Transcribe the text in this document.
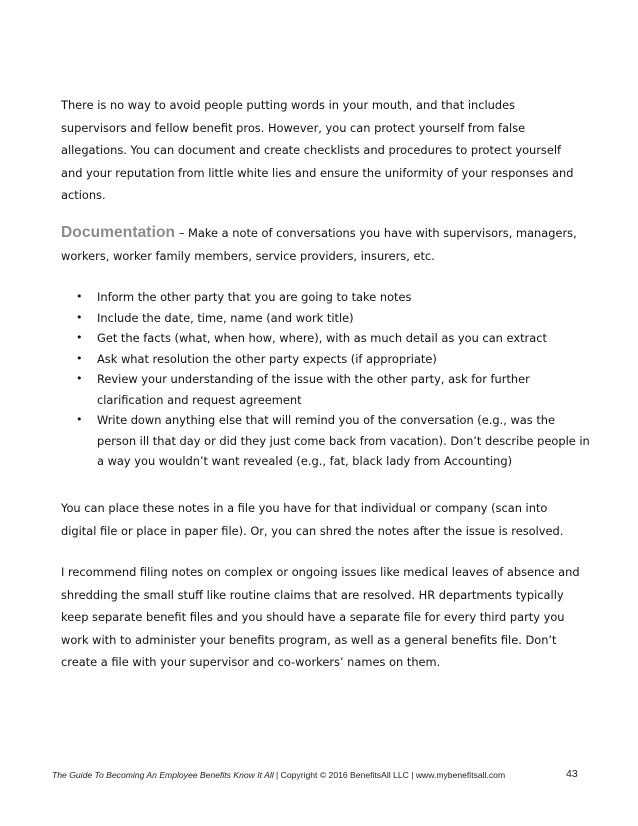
There is no way to avoid people putting words in your mouth, and that includes supervisors and fellow benefit pros. However, you can protect yourself from false allegations. You can document and create checklists and procedures to protect yourself and your reputation from little white lies and ensure the uniformity of your responses and actions.

Documentation – Make a note of conversations you have with supervisors, managers, workers, worker family members, service providers, insurers, etc.

• Inform the other party that you are going to take notes
• Include the date, time, name (and work title)
• Get the facts (what, when how, where), with as much detail as you can extract
• Ask what resolution the other party expects (if appropriate)
• Review your understanding of the issue with the other party, ask for further clarification and request agreement
• Write down anything else that will remind you of the conversation (e.g., was the person ill that day or did they just come back from vacation). Don’t describe people in a way you wouldn’t want revealed (e.g., fat, black lady from Accounting)

You can place these notes in a file you have for that individual or company (scan into digital file or place in paper file). Or, you can shred the notes after the issue is resolved.

I recommend filing notes on complex or ongoing issues like medical leaves of absence and shredding the small stuff like routine claims that are resolved. HR departments typically keep separate benefit files and you should have a separate file for every third party you work with to administer your benefits program, as well as a general benefits file. Don’t create a file with your supervisor and co-workers’ names on them.

The Guide To Becoming An Employee Benefits Know It All | Copyright © 2016 BenefitsAll LLC | www.mybenefitsall.com	43
